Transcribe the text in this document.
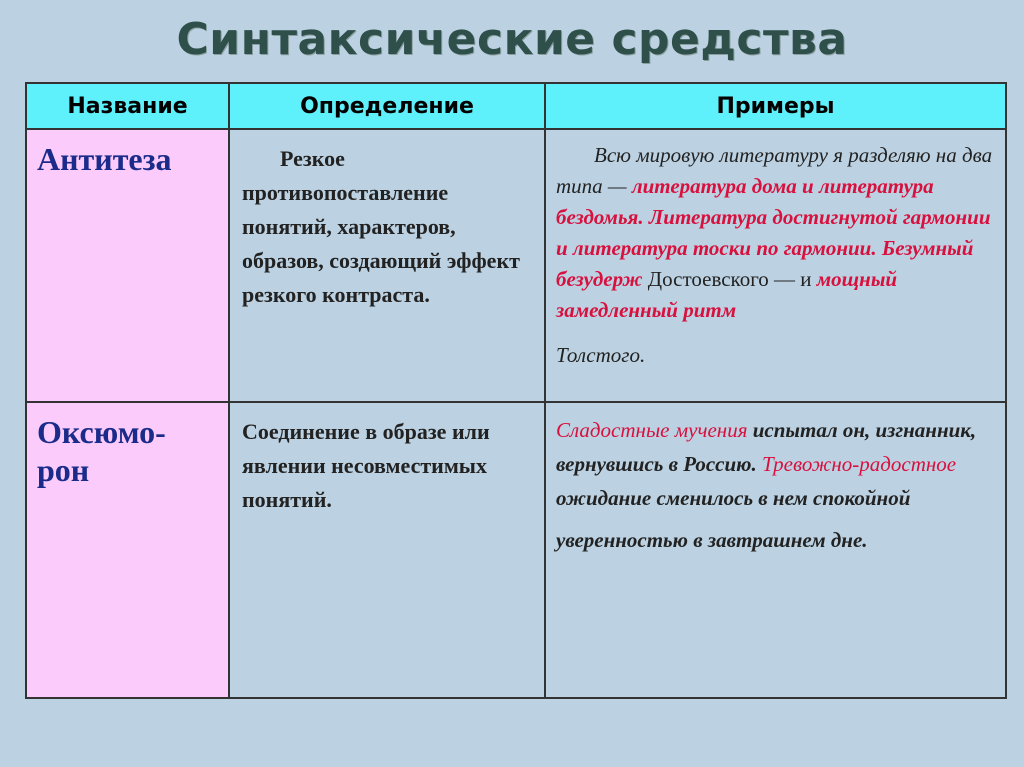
Синтаксические средства
Название	Определение	Примеры

Антитеза	Резкое противопоставление понятий, характеров, образов, создающий эффект резкого контраста.	Всю мировую литературу я разделяю на два типа — литература дома и литература бездомья. Литература достигнутой гармонии и литература тоски по гармонии. Безумный безудерж Достоевского — и мощный замедленный ритм
Толстого.

Оксюмо-
рон	Соединение в образе или явлении несовместимых понятий.	Сладостные мучения испытал он, изгнанник, вернувшись в Россию. Тревожно-радостное ожидание сменилось в нем спокойной
уверенностью в завтрашнем дне.
